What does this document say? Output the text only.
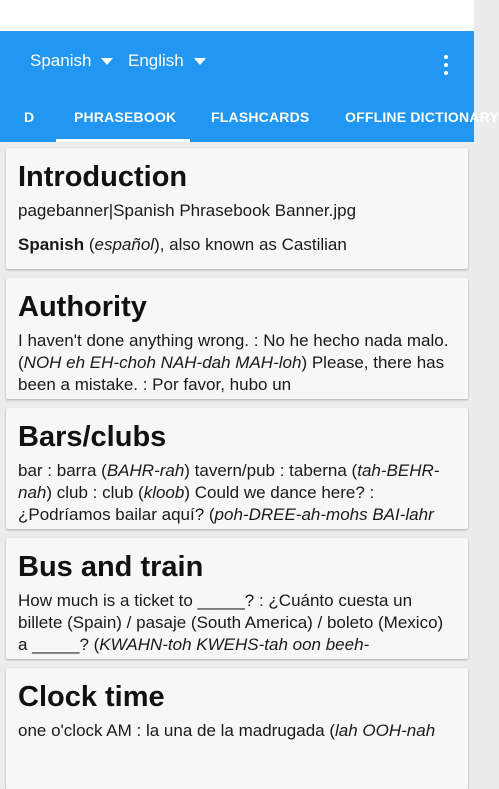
Spanish English
D	PHRASEBOOK FLASHCARDS	OFFLINE DICTIONARY
Introduction

pagebanner|Spanish Phrasebook Banner.jpg

Spanish (español), also known as Castilian

Authority

I haven't done anything wrong. : No he hecho nada malo. (NOH eh EH-choh NAH-dah MAH-loh) Please, there has been a mistake. : Por favor, hubo un

Bars/clubs

bar : barra (BAHR-rah) tavern/pub : taberna (tah-BEHR-nah) club : club (kloob) Could we dance here? : ¿Podríamos bailar aquí? (poh-DREE-ah-mohs BAI-lahr

Bus and train

How much is a ticket to _____? : ¿Cuánto cuesta un billete (Spain) / pasaje (South America) / boleto (Mexico) a _____? (KWAHN-toh KWEHS-tah oon beeh-

Clock time

one o'clock AM : la una de la madrugada (lah OOH-nah
